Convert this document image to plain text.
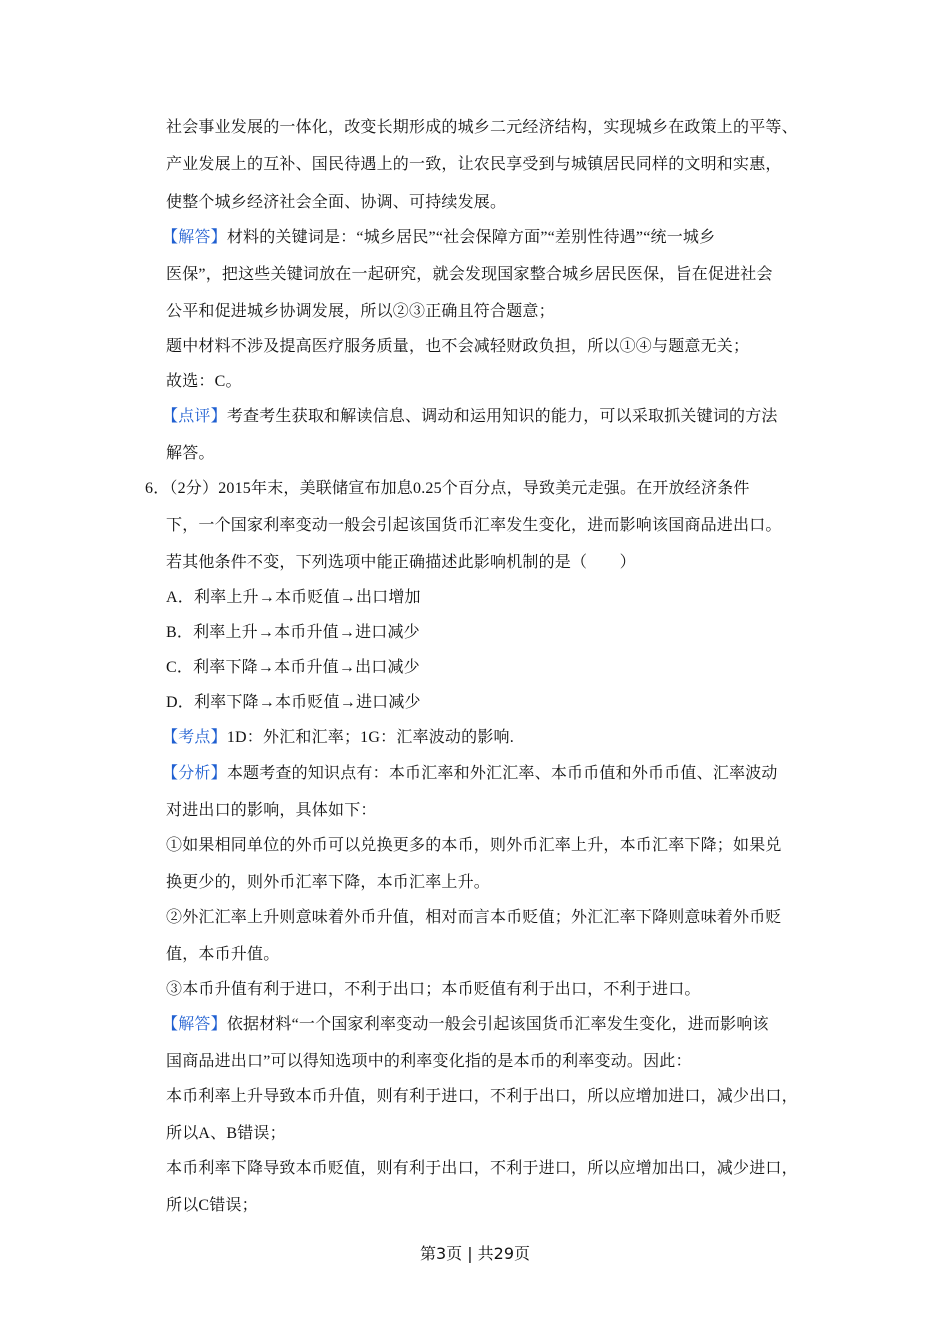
社会事业发展的一体化，改变长期形成的城乡二元经济结构，实现城乡在政策上的平等、
产业发展上的互补、国民待遇上的一致，让农民享受到与城镇居民同样的文明和实惠，
使整个城乡经济社会全面、协调、可持续发展。
【解答】材料的关键词是：“城乡居民”“社会保障方面”“差别性待遇”“统一城乡
医保”，把这些关键词放在一起研究，就会发现国家整合城乡居民医保，旨在促进社会
公平和促进城乡协调发展，所以②③正确且符合题意；
题中材料不涉及提高医疗服务质量，也不会减轻财政负担，所以①④与题意无关；
故选：C。
【点评】考查考生获取和解读信息、调动和运用知识的能力，可以采取抓关键词的方法
解答。
6．（2分）2015年末，美联储宣布加息0.25个百分点，导致美元走强。在开放经济条件
下，一个国家利率变动一般会引起该国货币汇率发生变化，进而影响该国商品进出口。
若其他条件不变，下列选项中能正确描述此影响机制的是（　　）
A．利率上升→本币贬值→出口增加
B．利率上升→本币升值→进口减少
C．利率下降→本币升值→出口减少
D．利率下降→本币贬值→进口减少
【考点】1D：外汇和汇率；1G：汇率波动的影响.
【分析】本题考查的知识点有：本币汇率和外汇汇率、本币币值和外币币值、汇率波动
对进出口的影响，具体如下：
①如果相同单位的外币可以兑换更多的本币，则外币汇率上升，本币汇率下降；如果兑
换更少的，则外币汇率下降，本币汇率上升。
②外汇汇率上升则意味着外币升值，相对而言本币贬值；外汇汇率下降则意味着外币贬
值，本币升值。
③本币升值有利于进口，不利于出口；本币贬值有利于出口，不利于进口。
【解答】依据材料“一个国家利率变动一般会引起该国货币汇率发生变化，进而影响该
国商品进出口”可以得知选项中的利率变化指的是本币的利率变动。因此：
本币利率上升导致本币升值，则有利于进口，不利于出口，所以应增加进口，减少出口，
所以A、B错误；
本币利率下降导致本币贬值，则有利于出口，不利于进口，所以应增加出口，减少进口，
所以C错误；
第3页 | 共29页
